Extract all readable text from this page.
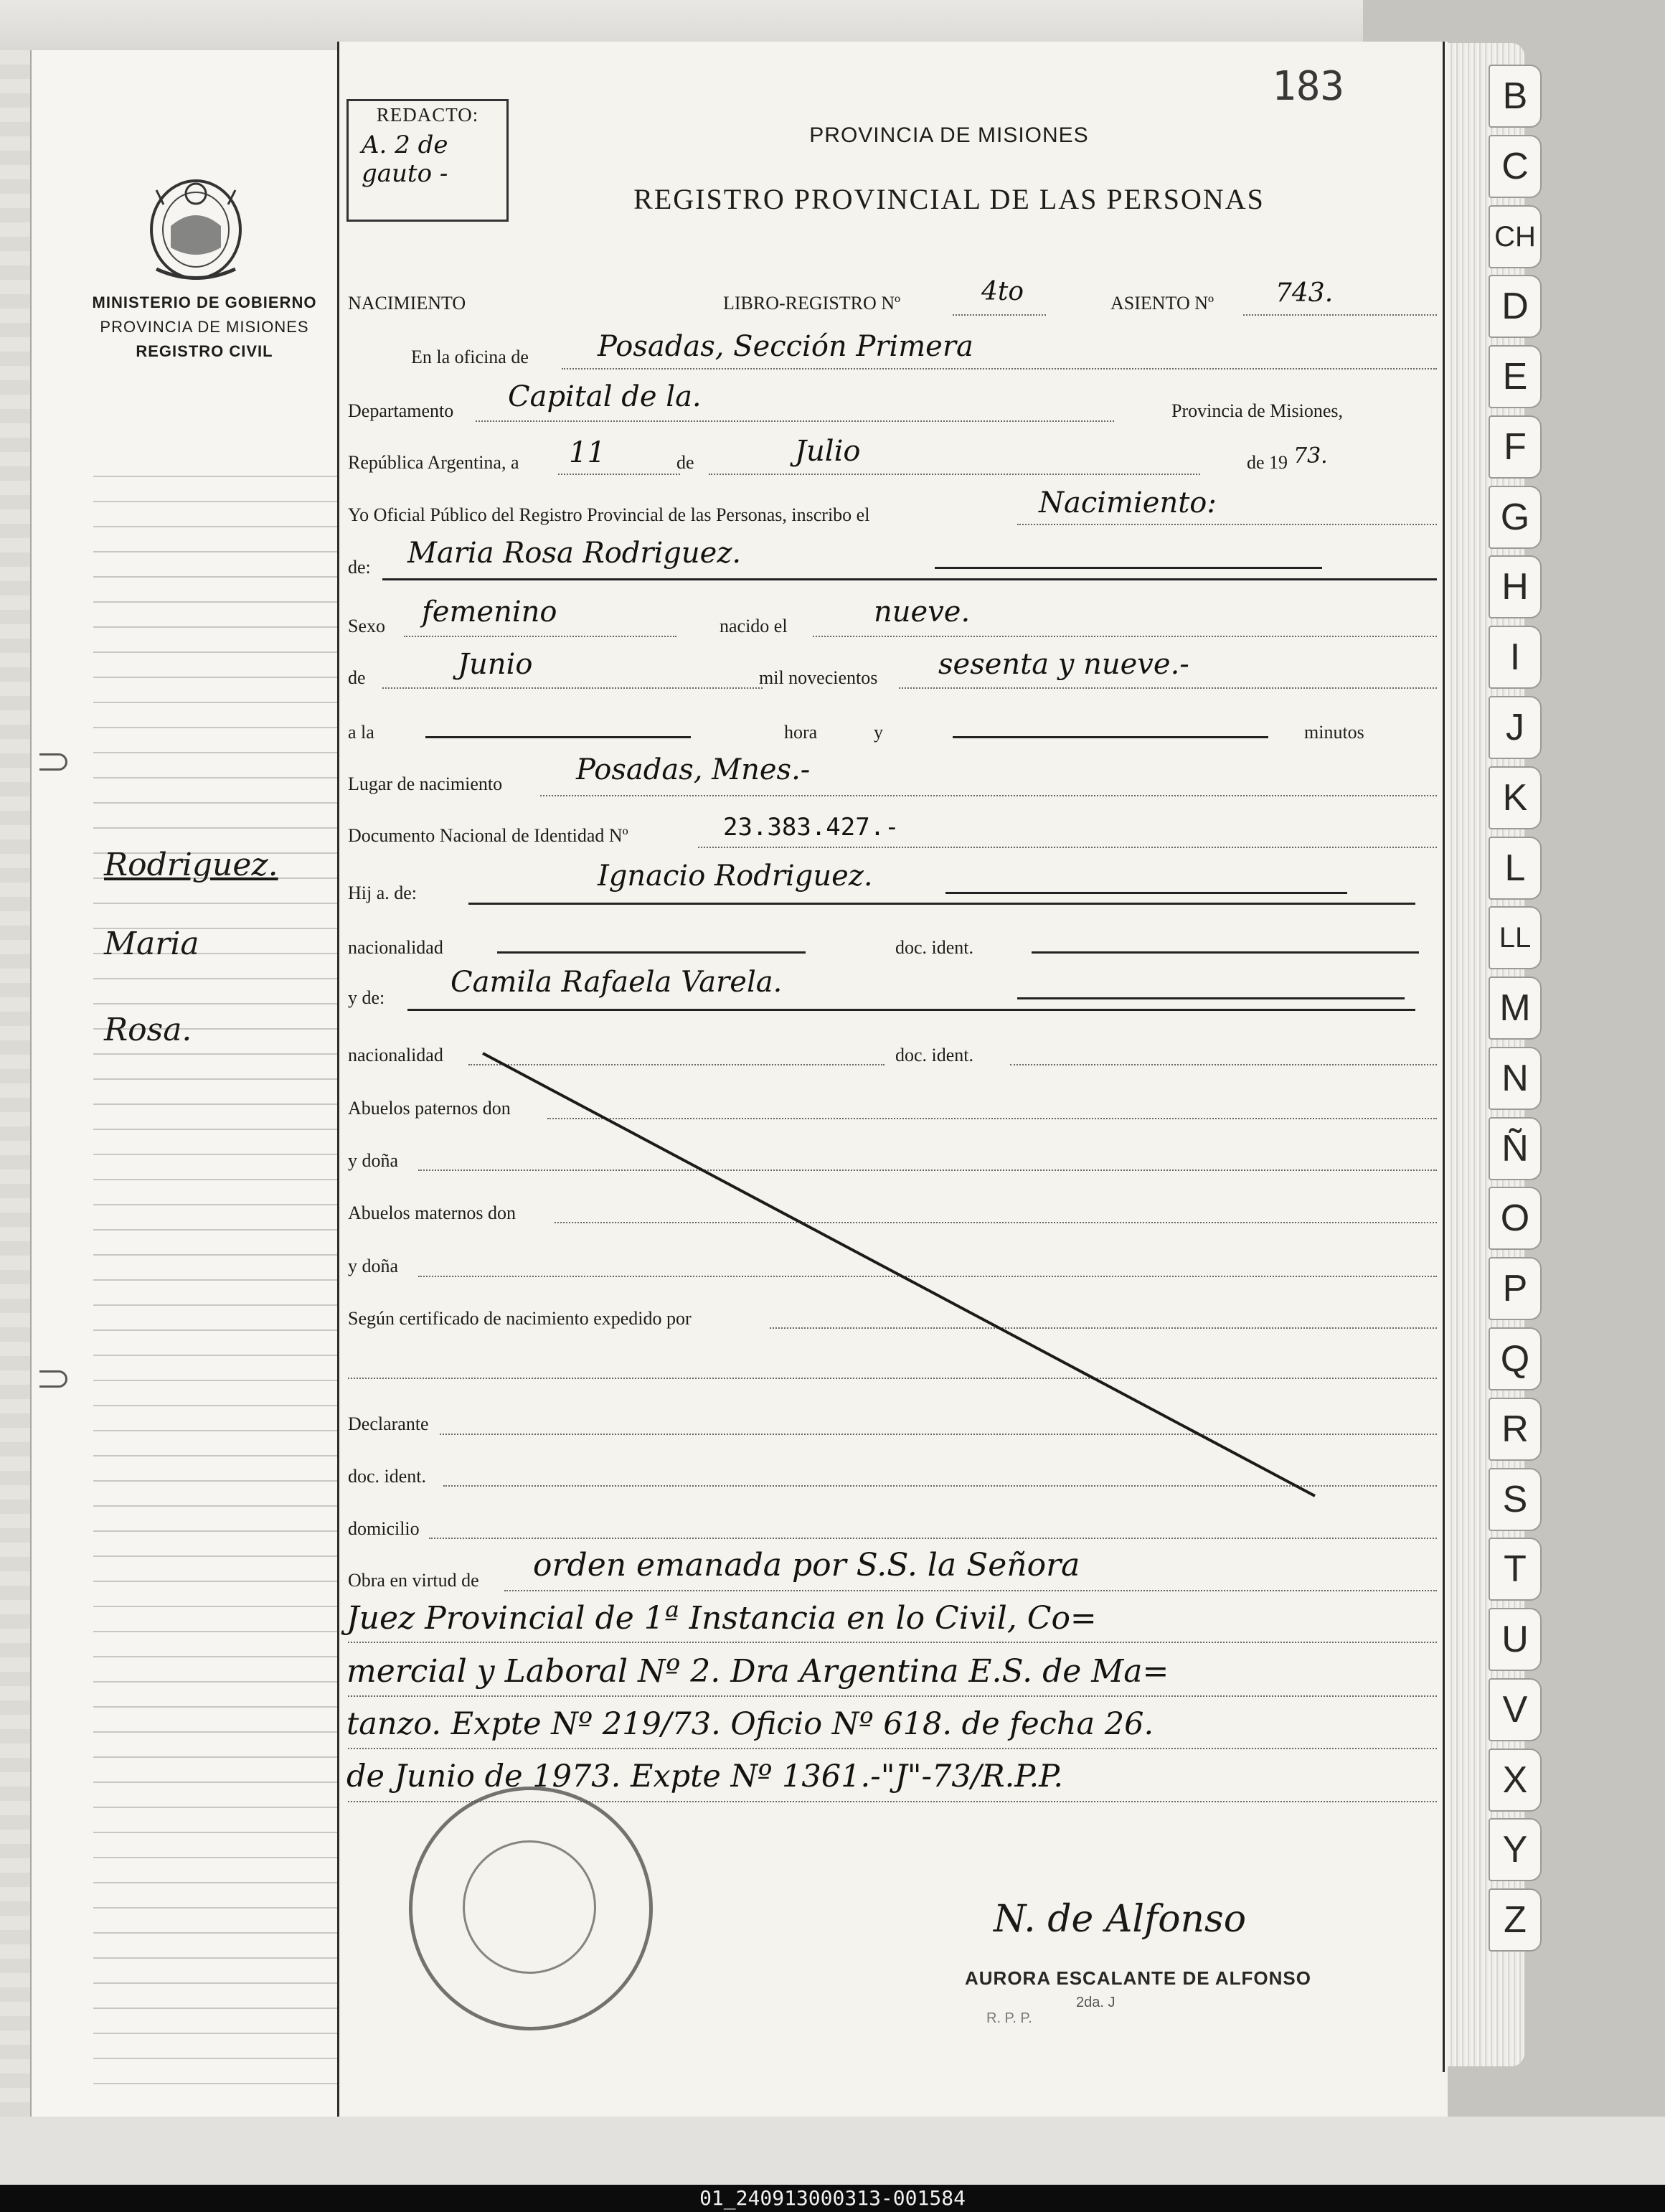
B
C
CH
D
E
F
G
H
I
J
K
L
LL
M
N
Ñ
O
P
Q
R
S
T
U
V
X
Y
Z
MINISTERIO DE GOBIERNO
PROVINCIA DE MISIONES
REGISTRO CIVIL
Rodriguez.
Maria
Rosa.
REDACTO:
A. 2 de
gauto -
183
PROVINCIA DE MISIONES
REGISTRO PROVINCIAL DE LAS PERSONAS
NACIMIENTO	LIBRO-REGISTRO Nº	4to	ASIENTO Nº 743.
En la oficina de Posadas, Sección Primera
Departamento Capital de la.	Provincia de Misiones,
República Argentina, a 11	de	Julio	de 19 73.
Yo Oficial Público del Registro Provincial de las Personas, inscribo el	Nacimiento:
de: Maria Rosa Rodriguez.
Sexo femenino	nacido el	nueve.
de	Junio	mil novecientos sesenta y nueve.-
a la	hora	y	minutos
Lugar de nacimiento	Posadas, Mnes.-
Documento Nacional de Identidad Nº	23.383.427.-
Hij a. de:
Ignacio Rodriguez.
nacionalidad	doc. ident.
y de: Camila Rafaela Varela.
nacionalidad	doc. ident.
Abuelos paternos don
y doña
Abuelos maternos don
y doña
Según certificado de nacimiento expedido por
Declarante
doc. ident.
domicilio
Obra en virtud de orden emanada por S.S. la Señora
Juez Provincial de 1ª Instancia en lo Civil, Co=
mercial y Laboral Nº 2. Dra Argentina E.S. de Ma=
tanzo. Expte Nº 219/73. Oficio Nº 618. de fecha 26.
de Junio de 1973. Expte Nº 1361.-"J"-73/R.P.P.
N. de Alfonso
AURORA ESCALANTE DE ALFONSO
2da. J
R. P. P.
01_240913000313-001584
